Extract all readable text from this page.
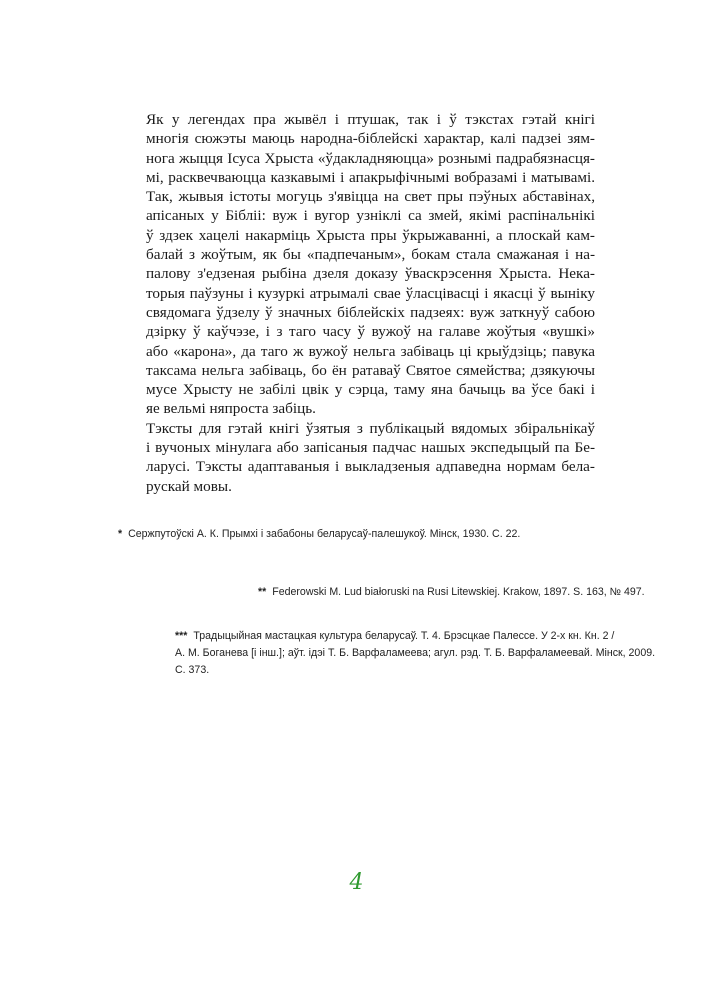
Як у легендах пра жывёл і птушак, так і ў тэкстах гэтай кнігі
многія сюжэты маюць народна-біблейскі характар, калі падзеі зям-
нога жыцця Ісуса Хрыста «ўдакладняюцца» рознымі падрабязнасця-
мі, расквечваюцца казкавымі і апакрыфічнымі вобразамі і матывамі.
Так, жывыя істоты могуць з'явіцца на свет пры пэўных абставінах,
апісаных у Бібліі: вуж і вугор узніклі са змей, якімі распінальнікі
ў здзек хацелі накарміць Хрыста пры ўкрыжаванні, а плоскай кам-
балай з жоўтым, як бы «падпечаным», бокам стала смажаная і на-
палову з'едзеная рыбіна дзеля доказу ўваскрэсення Хрыста. Нека-
торыя паўзуны і кузуркі атрымалі свае ўласцівасці і якасці ў выніку
свядомага ўдзелу ў значных біблейскіх падзеях: вуж заткнуў сабою
дзірку ў каўчэзе, і з таго часу ў вужоў на галаве жоўтыя «вушкі»
або «карона», да таго ж вужоў нельга забіваць ці крыўдзіць; павука
таксама нельга забіваць, бо ён ратаваў Святое сямейства; дзякуючы
мусе Хрысту не забілі цвік у сэрца, таму яна бачыць ва ўсе бакі і
яе вельмі няпроста забіць.

Тэксты для гэтай кнігі ўзятыя з публікацый вядомых збіральнікаў
і вучоных мінулага або запісаныя падчас нашых экспедыцый па Бе-
ларусі. Тэксты адаптаваныя і выкладзеныя адпаведна нормам бела-
рускай мовы.

* Сержпутоўскі А. К. Прымхі і забабоны беларусаў-палешукоў. Мінск, 1930. С. 22.
** Federowski M. Lud białoruski na Rusi Litewskiej. Krakow, 1897. S. 163, № 497.
*** Традыцыйная мастацкая культура беларусаў. Т. 4. Брэсцкае Палессе. У 2-х кн. Кн. 2 /
А. М. Боганева [і інш.]; аўт. ідэі Т. Б. Варфаламеева; агул. рэд. Т. Б. Варфаламеевай. Мінск, 2009.
С. 373.
4
